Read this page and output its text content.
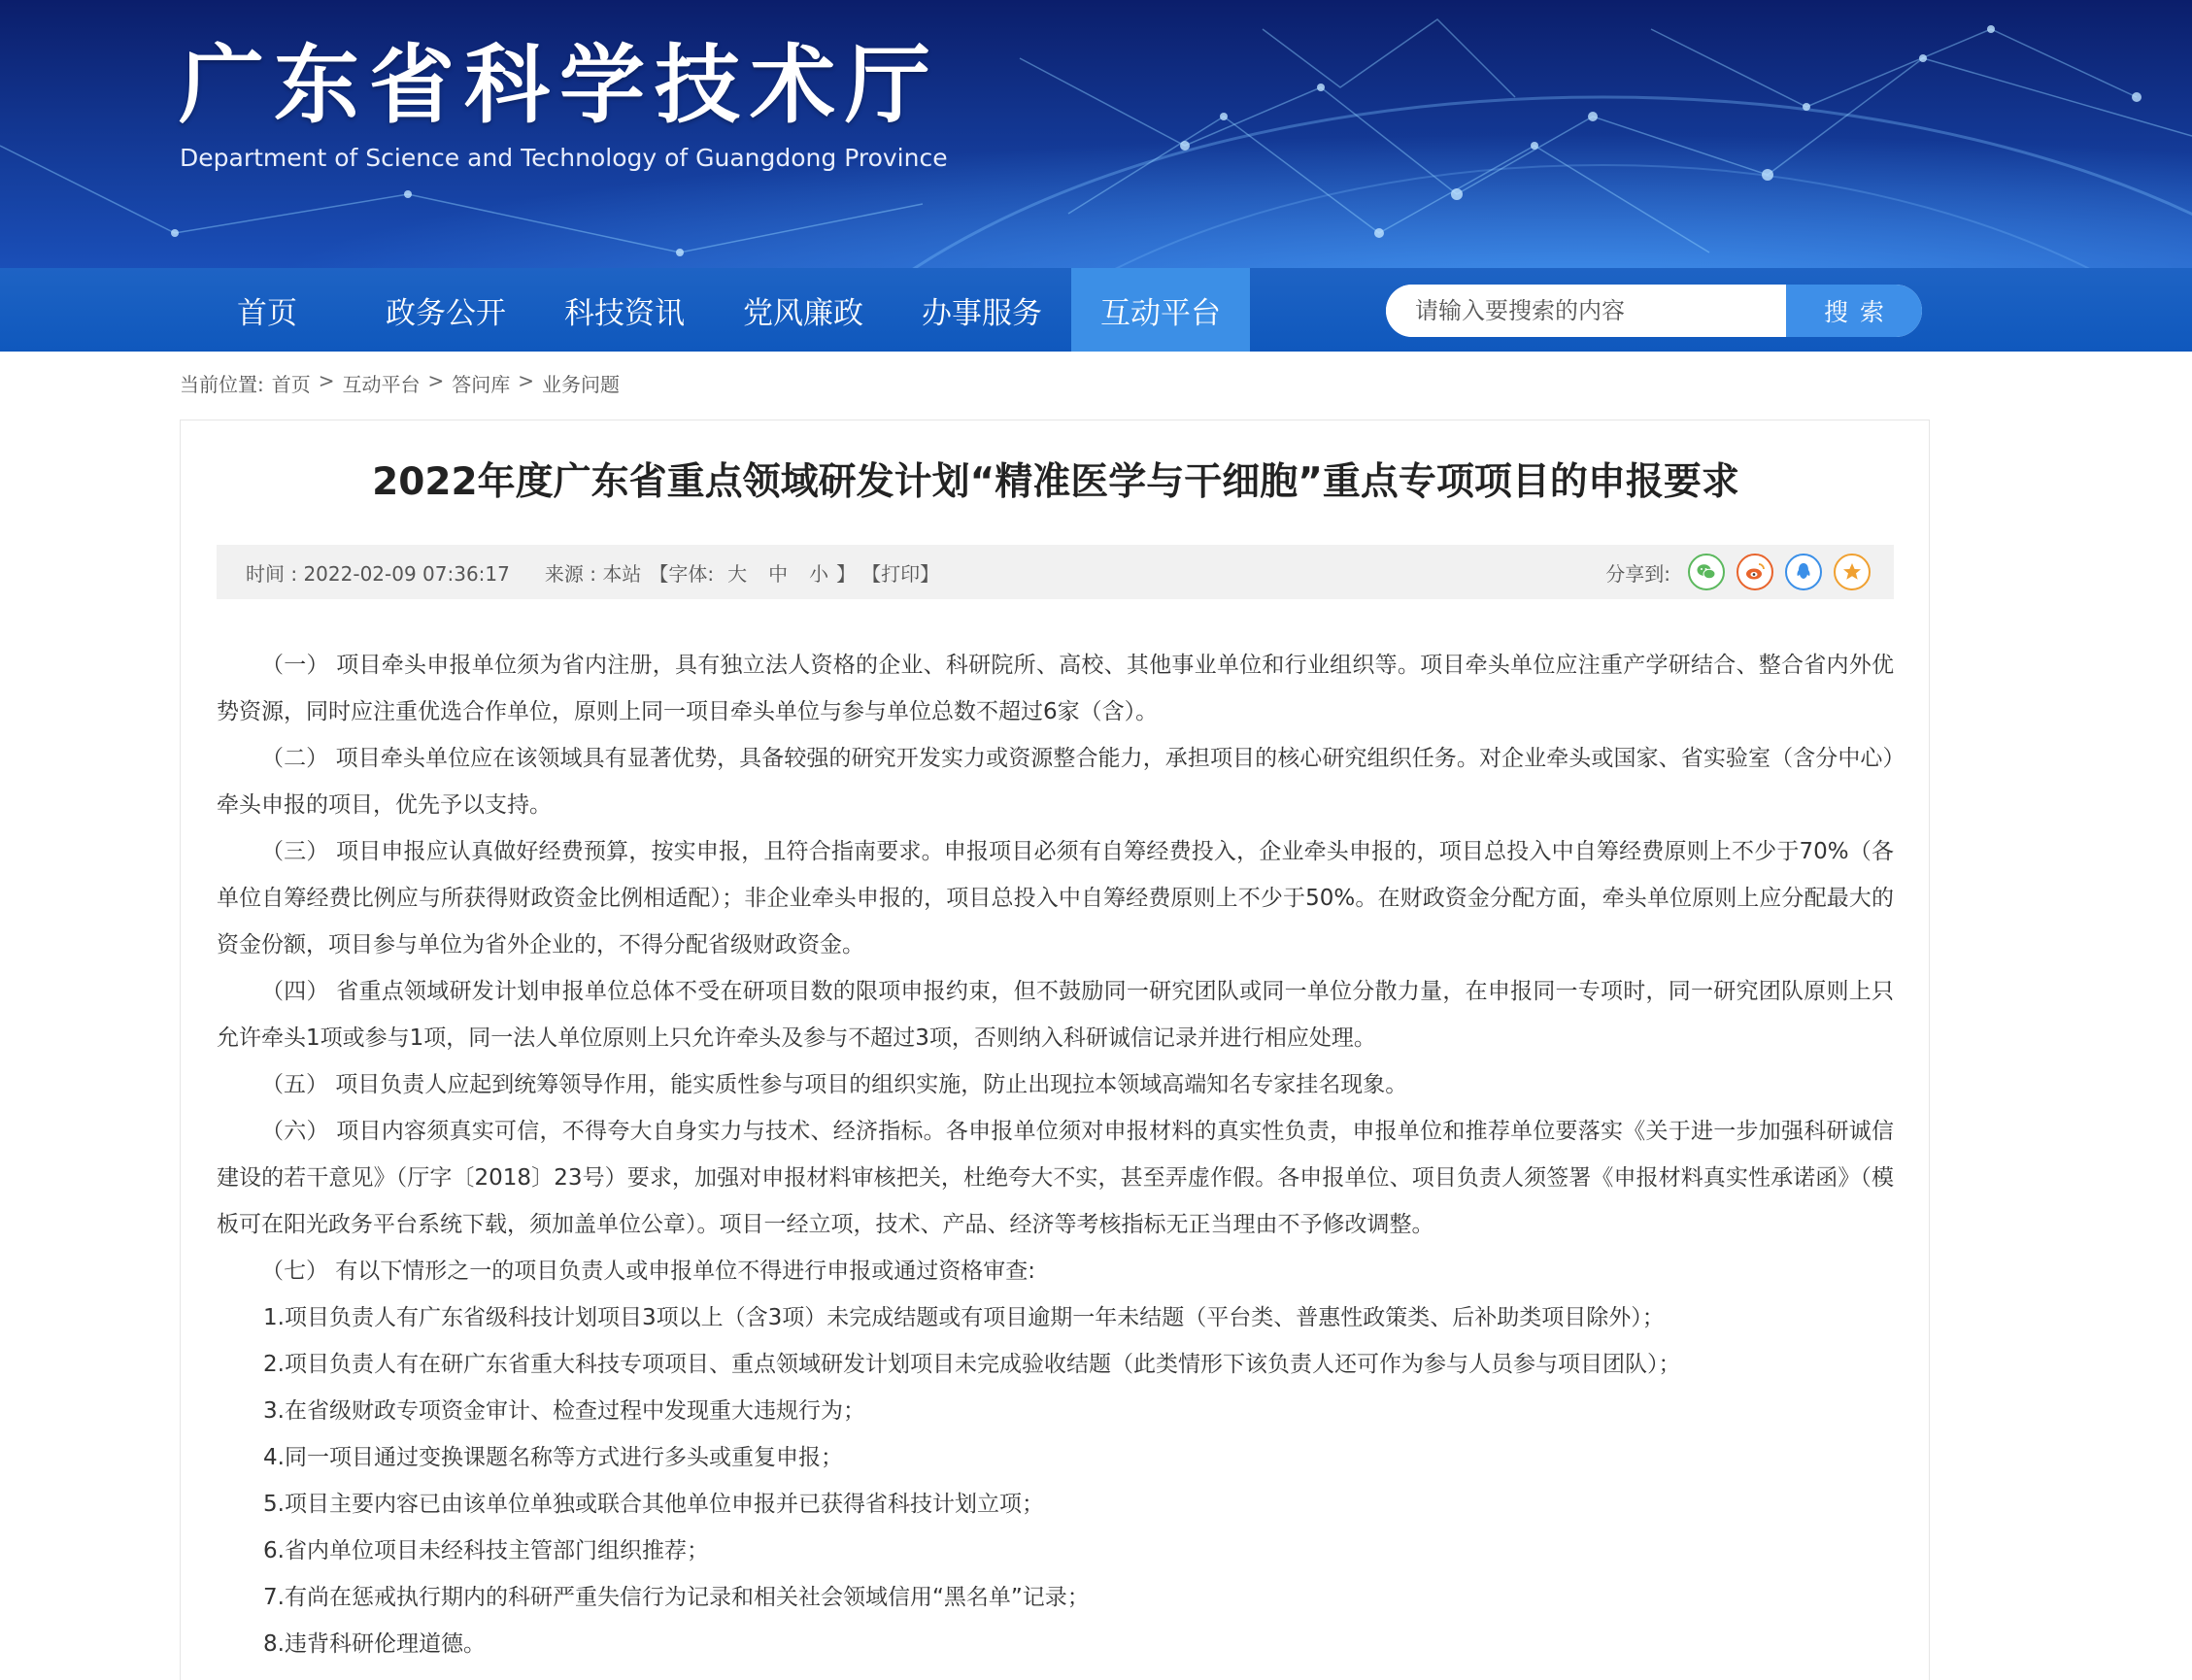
广东省科学技术厅
Department of Science and Technology of Guangdong Province
首页	政务公开	科技资讯	党风廉政	办事服务	互动平台
请输入要搜索的内容	搜索
当前位置: 首页 > 互动平台 > 答问库 > 业务问题
2022年度广东省重点领域研发计划“精准医学与干细胞”重点专项项目的申报要求
时间 : 2022-02-09 07:36:17 来源 : 本站 【字体: 大	中	小 】 【打印】	分享到:

（一） 项目牵头申报单位须为省内注册，具有独立法人资格的企业、科研院所、高校、其他事业单位和行业组织等。项目牵头单位应注重产学研结合、整合省内外优势资源，同时应注重优选合作单位，原则上同一项目牵头单位与参与单位总数不超过6家（含）。

（二） 项目牵头单位应在该领域具有显著优势，具备较强的研究开发实力或资源整合能力，承担项目的核心研究组织任务。对企业牵头或国家、省实验室（含分中心）牵头申报的项目，优先予以支持。

（三） 项目申报应认真做好经费预算，按实申报，且符合指南要求。申报项目必须有自筹经费投入，企业牵头申报的，项目总投入中自筹经费原则上不少于70%（各单位自筹经费比例应与所获得财政资金比例相适配）；非企业牵头申报的，项目总投入中自筹经费原则上不少于50%。在财政资金分配方面，牵头单位原则上应分配最大的资金份额，项目参与单位为省外企业的，不得分配省级财政资金。

（四） 省重点领域研发计划申报单位总体不受在研项目数的限项申报约束，但不鼓励同一研究团队或同一单位分散力量，在申报同一专项时，同一研究团队原则上只允许牵头1项或参与1项，同一法人单位原则上只允许牵头及参与不超过3项，否则纳入科研诚信记录并进行相应处理。

（五） 项目负责人应起到统筹领导作用，能实质性参与项目的组织实施，防止出现拉本领域高端知名专家挂名现象。

（六） 项目内容须真实可信，不得夸大自身实力与技术、经济指标。各申报单位须对申报材料的真实性负责，申报单位和推荐单位要落实《关于进一步加强科研诚信建设的若干意见》（厅字〔2018〕23号）要求，加强对申报材料审核把关，杜绝夸大不实，甚至弄虚作假。各申报单位、项目负责人须签署《申报材料真实性承诺函》（模板可在阳光政务平台系统下载，须加盖单位公章）。项目一经立项，技术、产品、经济等考核指标无正当理由不予修改调整。

（七） 有以下情形之一的项目负责人或申报单位不得进行申报或通过资格审查:

1.项目负责人有广东省级科技计划项目3项以上（含3项）未完成结题或有项目逾期一年未结题（平台类、普惠性政策类、后补助类项目除外）；

2.项目负责人有在研广东省重大科技专项项目、重点领域研发计划项目未完成验收结题（此类情形下该负责人还可作为参与人员参与项目团队）；

3.在省级财政专项资金审计、检查过程中发现重大违规行为；

4.同一项目通过变换课题名称等方式进行多头或重复申报；

5.项目主要内容已由该单位单独或联合其他单位申报并已获得省科技计划立项；

6.省内单位项目未经科技主管部门组织推荐；

7.有尚在惩戒执行期内的科研严重失信行为记录和相关社会领域信用“黑名单”记录；

8.违背科研伦理道德。
